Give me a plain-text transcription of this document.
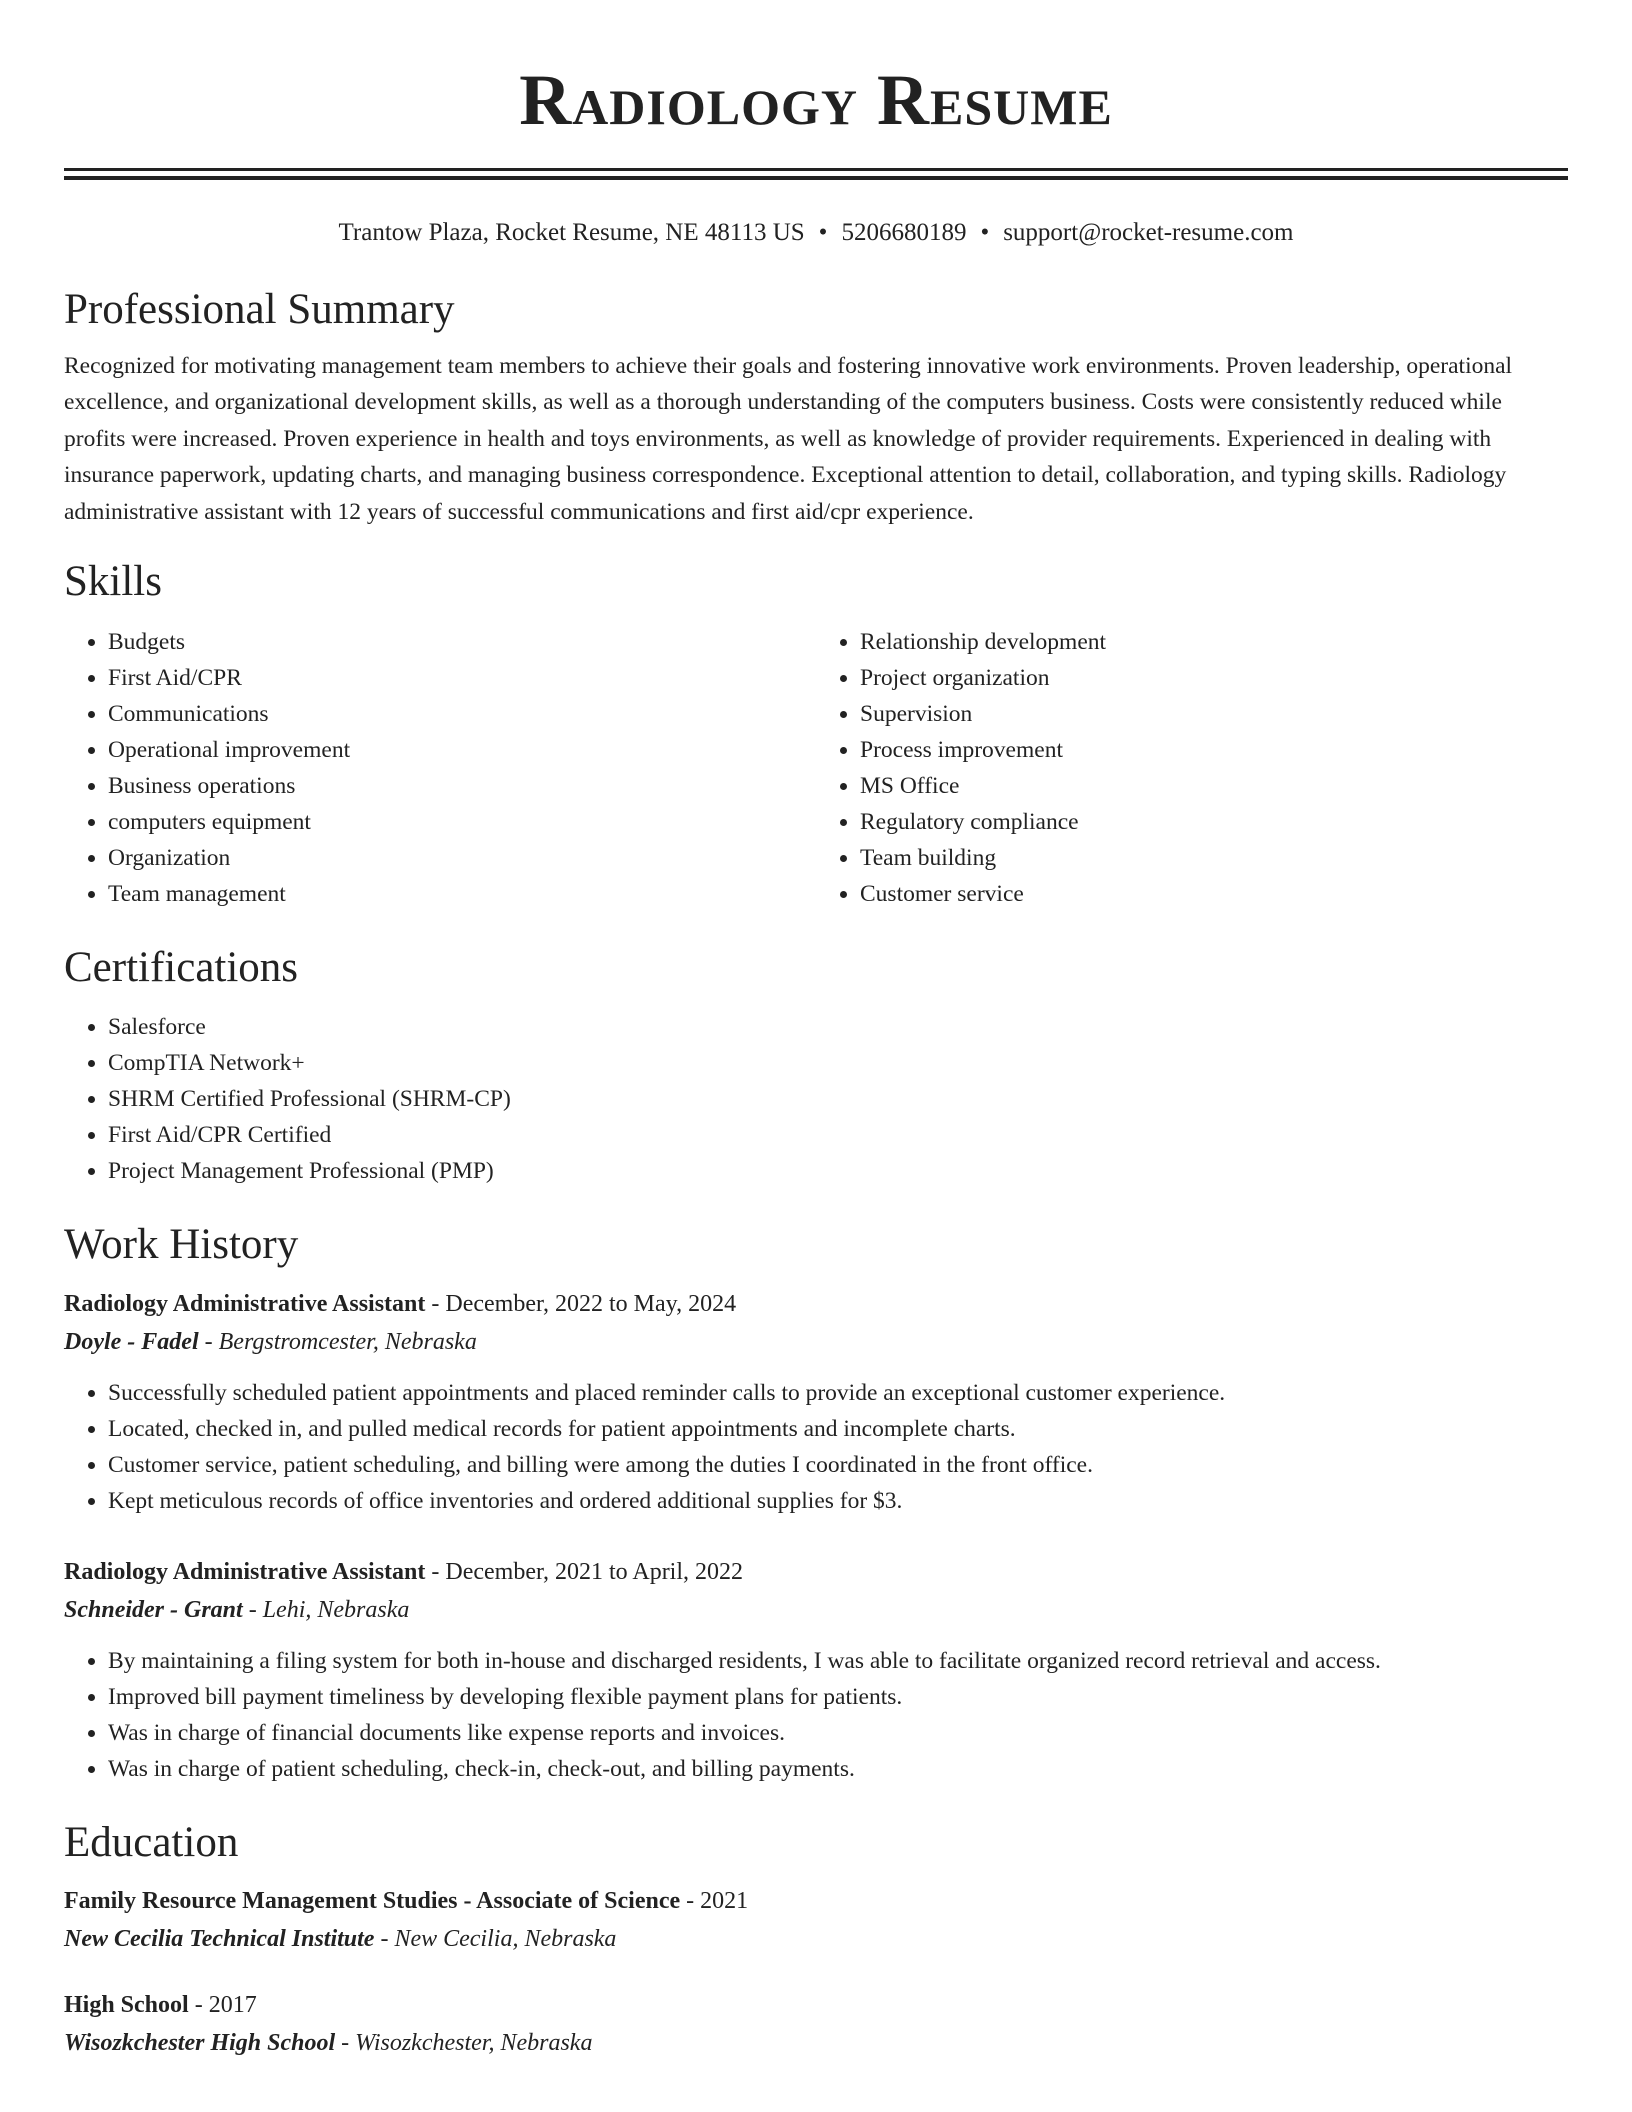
Radiology Resume
Trantow Plaza, Rocket Resume, NE 48113 US • 5206680189 • support@rocket-resume.com
Professional Summary

Recognized for motivating management team members to achieve their goals and fostering innovative work environments. Proven leadership, operational excellence, and organizational development skills, as well as a thorough understanding of the computers business. Costs were consistently reduced while profits were increased. Proven experience in health and toys environments, as well as knowledge of provider requirements. Experienced in dealing with insurance paperwork, updating charts, and managing business correspondence. Exceptional attention to detail, collaboration, and typing skills. Radiology administrative assistant with 12 years of successful communications and first aid/cpr experience.

Skills
• Budgets
• First Aid/CPR
• Communications
• Operational improvement
• Business operations
• computers equipment
• Organization
• Team management
• Relationship development
• Project organization
• Supervision
• Process improvement
• MS Office
• Regulatory compliance
• Team building
• Customer service
Certifications
• Salesforce
• CompTIA Network+
• SHRM Certified Professional (SHRM-CP)
• First Aid/CPR Certified
• Project Management Professional (PMP)
Work History
Radiology Administrative Assistant - December, 2022 to May, 2024
Doyle - Fadel - Bergstromcester, Nebraska
• Successfully scheduled patient appointments and placed reminder calls to provide an exceptional customer experience.
• Located, checked in, and pulled medical records for patient appointments and incomplete charts.
• Customer service, patient scheduling, and billing were among the duties I coordinated in the front office.
• Kept meticulous records of office inventories and ordered additional supplies for $3.
Radiology Administrative Assistant - December, 2021 to April, 2022
Schneider - Grant - Lehi, Nebraska
• By maintaining a filing system for both in-house and discharged residents, I was able to facilitate organized record retrieval and access.
• Improved bill payment timeliness by developing flexible payment plans for patients.
• Was in charge of financial documents like expense reports and invoices.
• Was in charge of patient scheduling, check-in, check-out, and billing payments.
Education
Family Resource Management Studies - Associate of Science - 2021
New Cecilia Technical Institute - New Cecilia, Nebraska
High School - 2017
Wisozkchester High School - Wisozkchester, Nebraska
